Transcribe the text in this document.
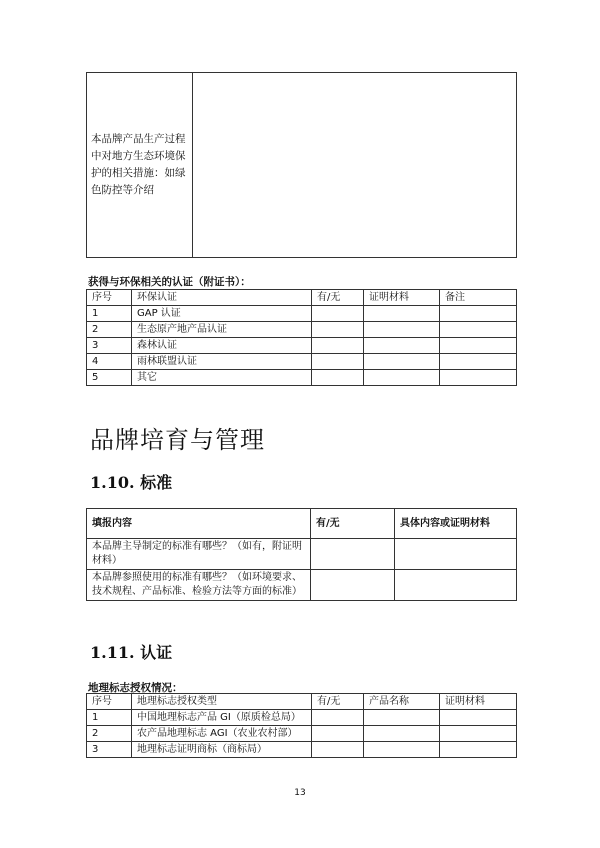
本品牌产品生产过程中对地方生态环境保护的相关措施：如绿色防控等介绍	
获得与环保相关的认证（附证书）：
序号	环保认证	有/无	证明材料	备注
1	GAP 认证			
2	生态原产地产品认证			
3	森林认证			
4	雨林联盟认证			
5	其它			
品牌培育与管理
1.10. 标准
填报内容	有/无	具体内容或证明材料
本品牌主导制定的标准有哪些？（如有，附证明材料）		
本品牌参照使用的标准有哪些？（如环境要求、技术规程、产品标准、检验方法等方面的标准）		
1.11. 认证
地理标志授权情况：
序号	地理标志授权类型	有/无	产品名称	证明材料
1	中国地理标志产品 GI（原质检总局）			
2	农产品地理标志 AGI（农业农村部）			
3	地理标志证明商标（商标局）			
13
